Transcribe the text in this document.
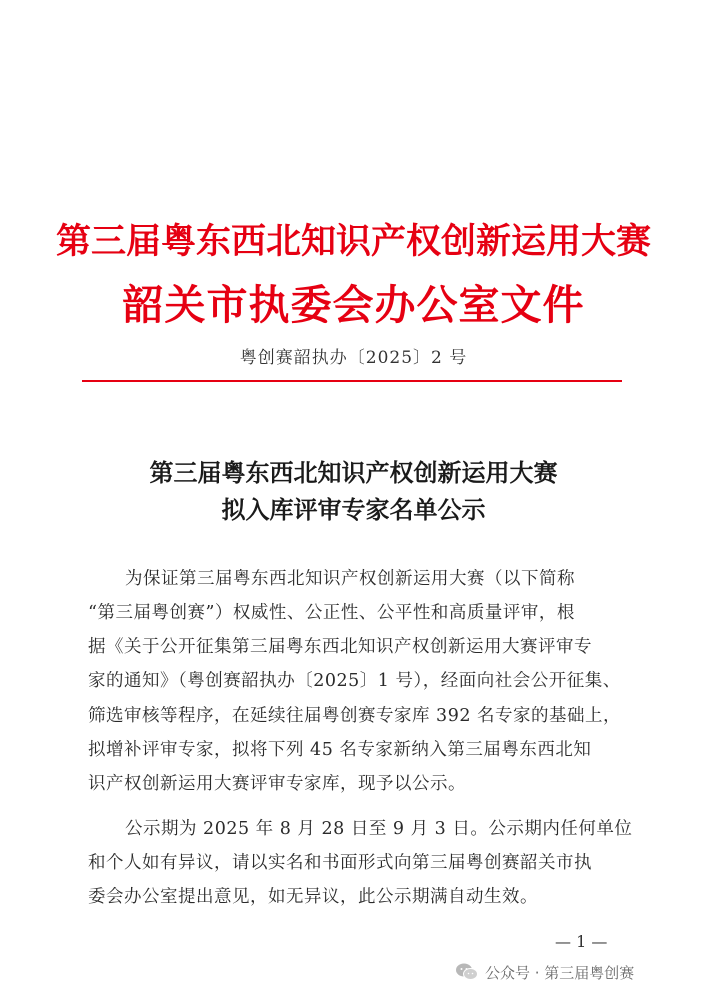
第三届粤东西北知识产权创新运用大赛
韶关市执委会办公室文件
粤创赛韶执办〔2025〕2 号
第三届粤东西北知识产权创新运用大赛
拟入库评审专家名单公示
为保证第三届粤东西北知识产权创新运用大赛（以下简称
“第三届粤创赛”）权威性、公正性、公平性和高质量评审，根
据《关于公开征集第三届粤东西北知识产权创新运用大赛评审专
家的通知》（粤创赛韶执办〔2025〕1 号），经面向社会公开征集、
筛选审核等程序，在延续往届粤创赛专家库 392 名专家的基础上，
拟增补评审专家，拟将下列 45 名专家新纳入第三届粤东西北知
识产权创新运用大赛评审专家库，现予以公示。
公示期为 2025 年 8 月 28 日至 9 月 3 日。公示期内任何单位
和个人如有异议，请以实名和书面形式向第三届粤创赛韶关市执
委会办公室提出意见，如无异议，此公示期满自动生效。
— 1 —
公众号 · 第三届粤创赛
